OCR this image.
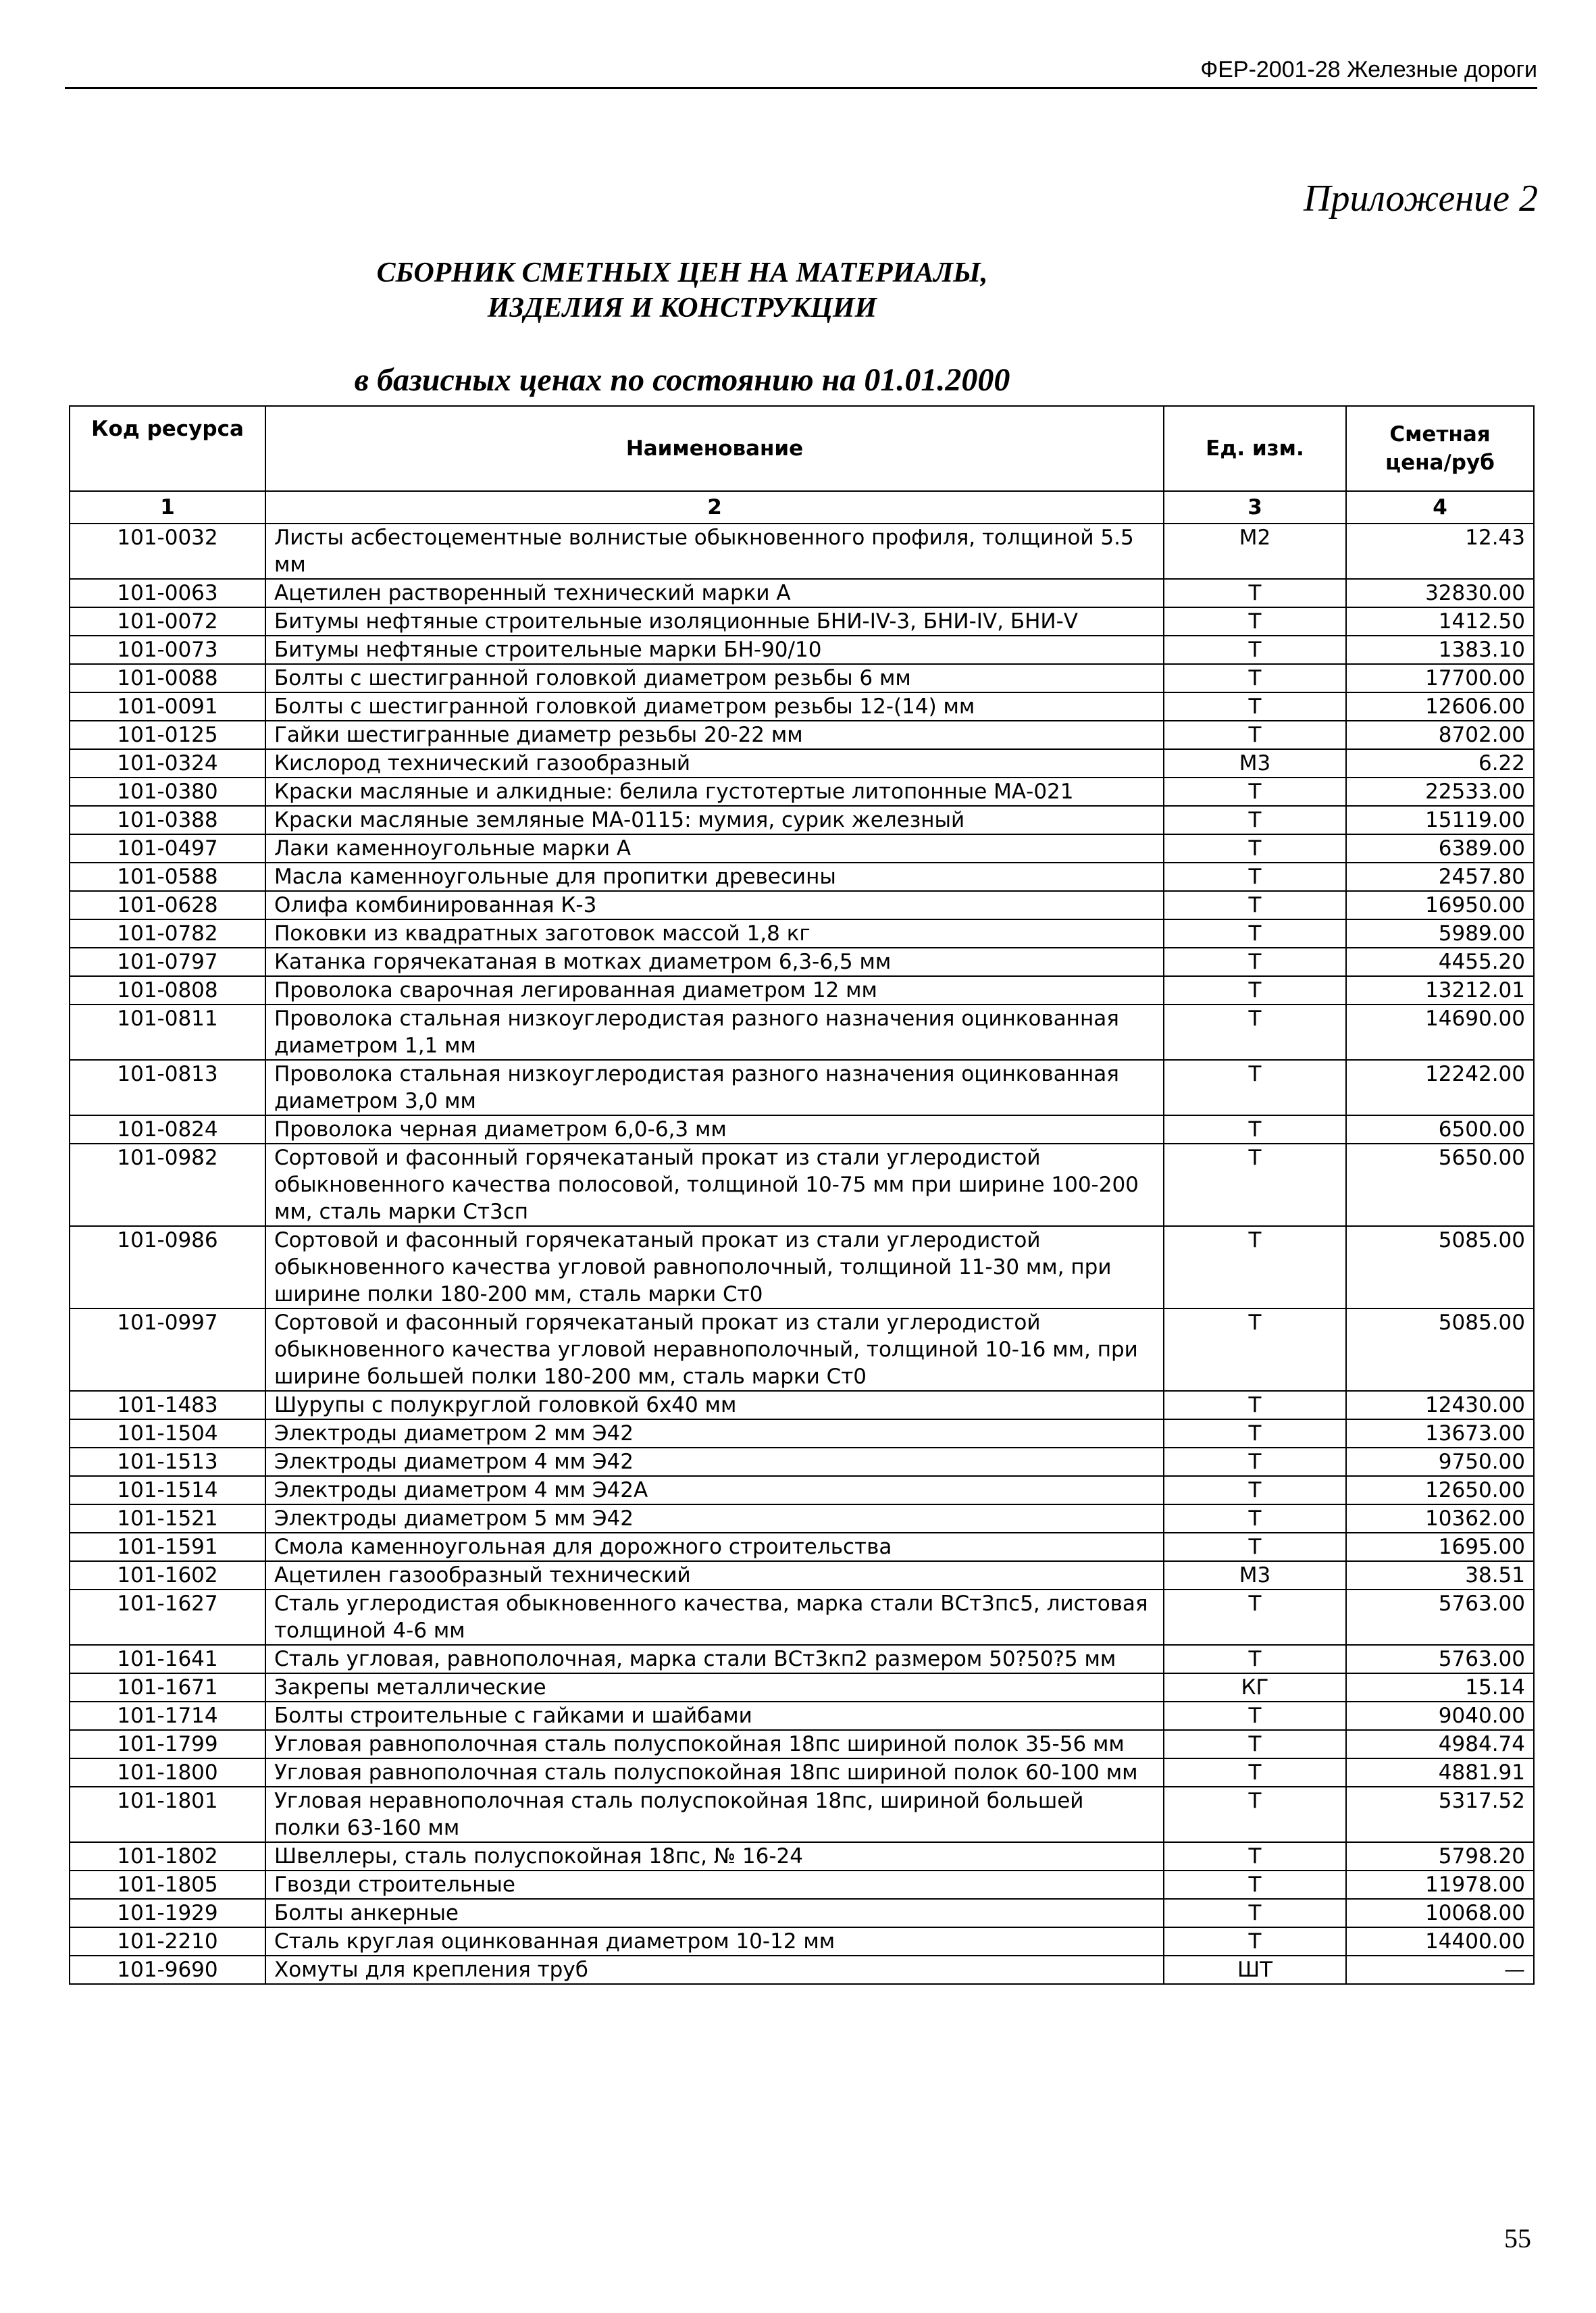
ФЕР-2001-28 Железные дороги
Приложение 2
СБОРНИК СМЕТНЫХ ЦЕН НА МАТЕРИАЛЫ,
ИЗДЕЛИЯ И КОНСТРУКЦИИ
в базисных ценах по состоянию на 01.01.2000
Код ресурса	Наименование	Ед. изм.	Сметная цена/руб
1	2	3	4
101-0032	Листы асбестоцементные волнистые обыкновенного профиля, толщиной 5.5 мм	М2	12.43
101-0063	Ацетилен растворенный технический марки А	Т	32830.00
101-0072	Битумы нефтяные строительные изоляционные БНИ-IV-3, БНИ-IV, БНИ-V	Т	1412.50
101-0073	Битумы нефтяные строительные марки БН-90/10	Т	1383.10
101-0088	Болты с шестигранной головкой диаметром резьбы 6 мм	Т	17700.00
101-0091	Болты с шестигранной головкой диаметром резьбы 12-(14) мм	Т	12606.00
101-0125	Гайки шестигранные диаметр резьбы 20-22 мм	Т	8702.00
101-0324	Кислород технический газообразный	М3	6.22
101-0380	Краски масляные и алкидные: белила густотертые литопонные МА-021	Т	22533.00
101-0388	Краски масляные земляные МА-0115: мумия, сурик железный	Т	15119.00
101-0497	Лаки каменноугольные марки А	Т	6389.00
101-0588	Масла каменноугольные для пропитки древесины	Т	2457.80
101-0628	Олифа комбинированная К-3	Т	16950.00
101-0782	Поковки из квадратных заготовок массой 1,8 кг	Т	5989.00
101-0797	Катанка горячекатаная в мотках диаметром 6,3-6,5 мм	Т	4455.20
101-0808	Проволока сварочная легированная диаметром 12 мм	Т	13212.01
101-0811	Проволока стальная низкоуглеродистая разного назначения оцинкованная диаметром 1,1 мм	Т	14690.00
101-0813	Проволока стальная низкоуглеродистая разного назначения оцинкованная диаметром 3,0 мм	Т	12242.00
101-0824	Проволока черная диаметром 6,0-6,3 мм	Т	6500.00
101-0982	Сортовой и фасонный горячекатаный прокат из стали углеродистой обыкновенного качества полосовой, толщиной 10-75 мм при ширине 100-200 мм, сталь марки Ст3сп	Т	5650.00
101-0986	Сортовой и фасонный горячекатаный прокат из стали углеродистой обыкновенного качества угловой равнополочный, толщиной 11-30 мм, при ширине полки 180-200 мм, сталь марки Ст0	Т	5085.00
101-0997	Сортовой и фасонный горячекатаный прокат из стали углеродистой обыкновенного качества угловой неравнополочный, толщиной 10-16 мм, при ширине большей полки 180-200 мм, сталь марки Ст0	Т	5085.00
101-1483	Шурупы с полукруглой головкой 6х40 мм	Т	12430.00
101-1504	Электроды диаметром 2 мм Э42	Т	13673.00
101-1513	Электроды диаметром 4 мм Э42	Т	9750.00
101-1514	Электроды диаметром 4 мм Э42А	Т	12650.00
101-1521	Электроды диаметром 5 мм Э42	Т	10362.00
101-1591	Смола каменноугольная для дорожного строительства	Т	1695.00
101-1602	Ацетилен газообразный технический	М3	38.51
101-1627	Сталь углеродистая обыкновенного качества, марка стали ВСт3пс5, листовая толщиной 4-6 мм	Т	5763.00
101-1641	Сталь угловая, равнополочная, марка стали ВСт3кп2 размером 50?50?5 мм	Т	5763.00
101-1671	Закрепы металлические	КГ	15.14
101-1714	Болты строительные с гайками и шайбами	Т	9040.00
101-1799	Угловая равнополочная сталь полуспокойная 18пс шириной полок 35-56 мм	Т	4984.74
101-1800	Угловая равнополочная сталь полуспокойная 18пс шириной полок 60-100 мм	Т	4881.91
101-1801	Угловая неравнополочная сталь полуспокойная 18пс, шириной большей полки 63-160 мм	Т	5317.52
101-1802	Швеллеры, сталь полуспокойная 18пс, № 16-24	Т	5798.20
101-1805	Гвозди строительные	Т	11978.00
101-1929	Болты анкерные	Т	10068.00
101-2210	Сталь круглая оцинкованная диаметром 10-12 мм	Т	14400.00
101-9690	Хомуты для крепления труб	ШТ	—
55
